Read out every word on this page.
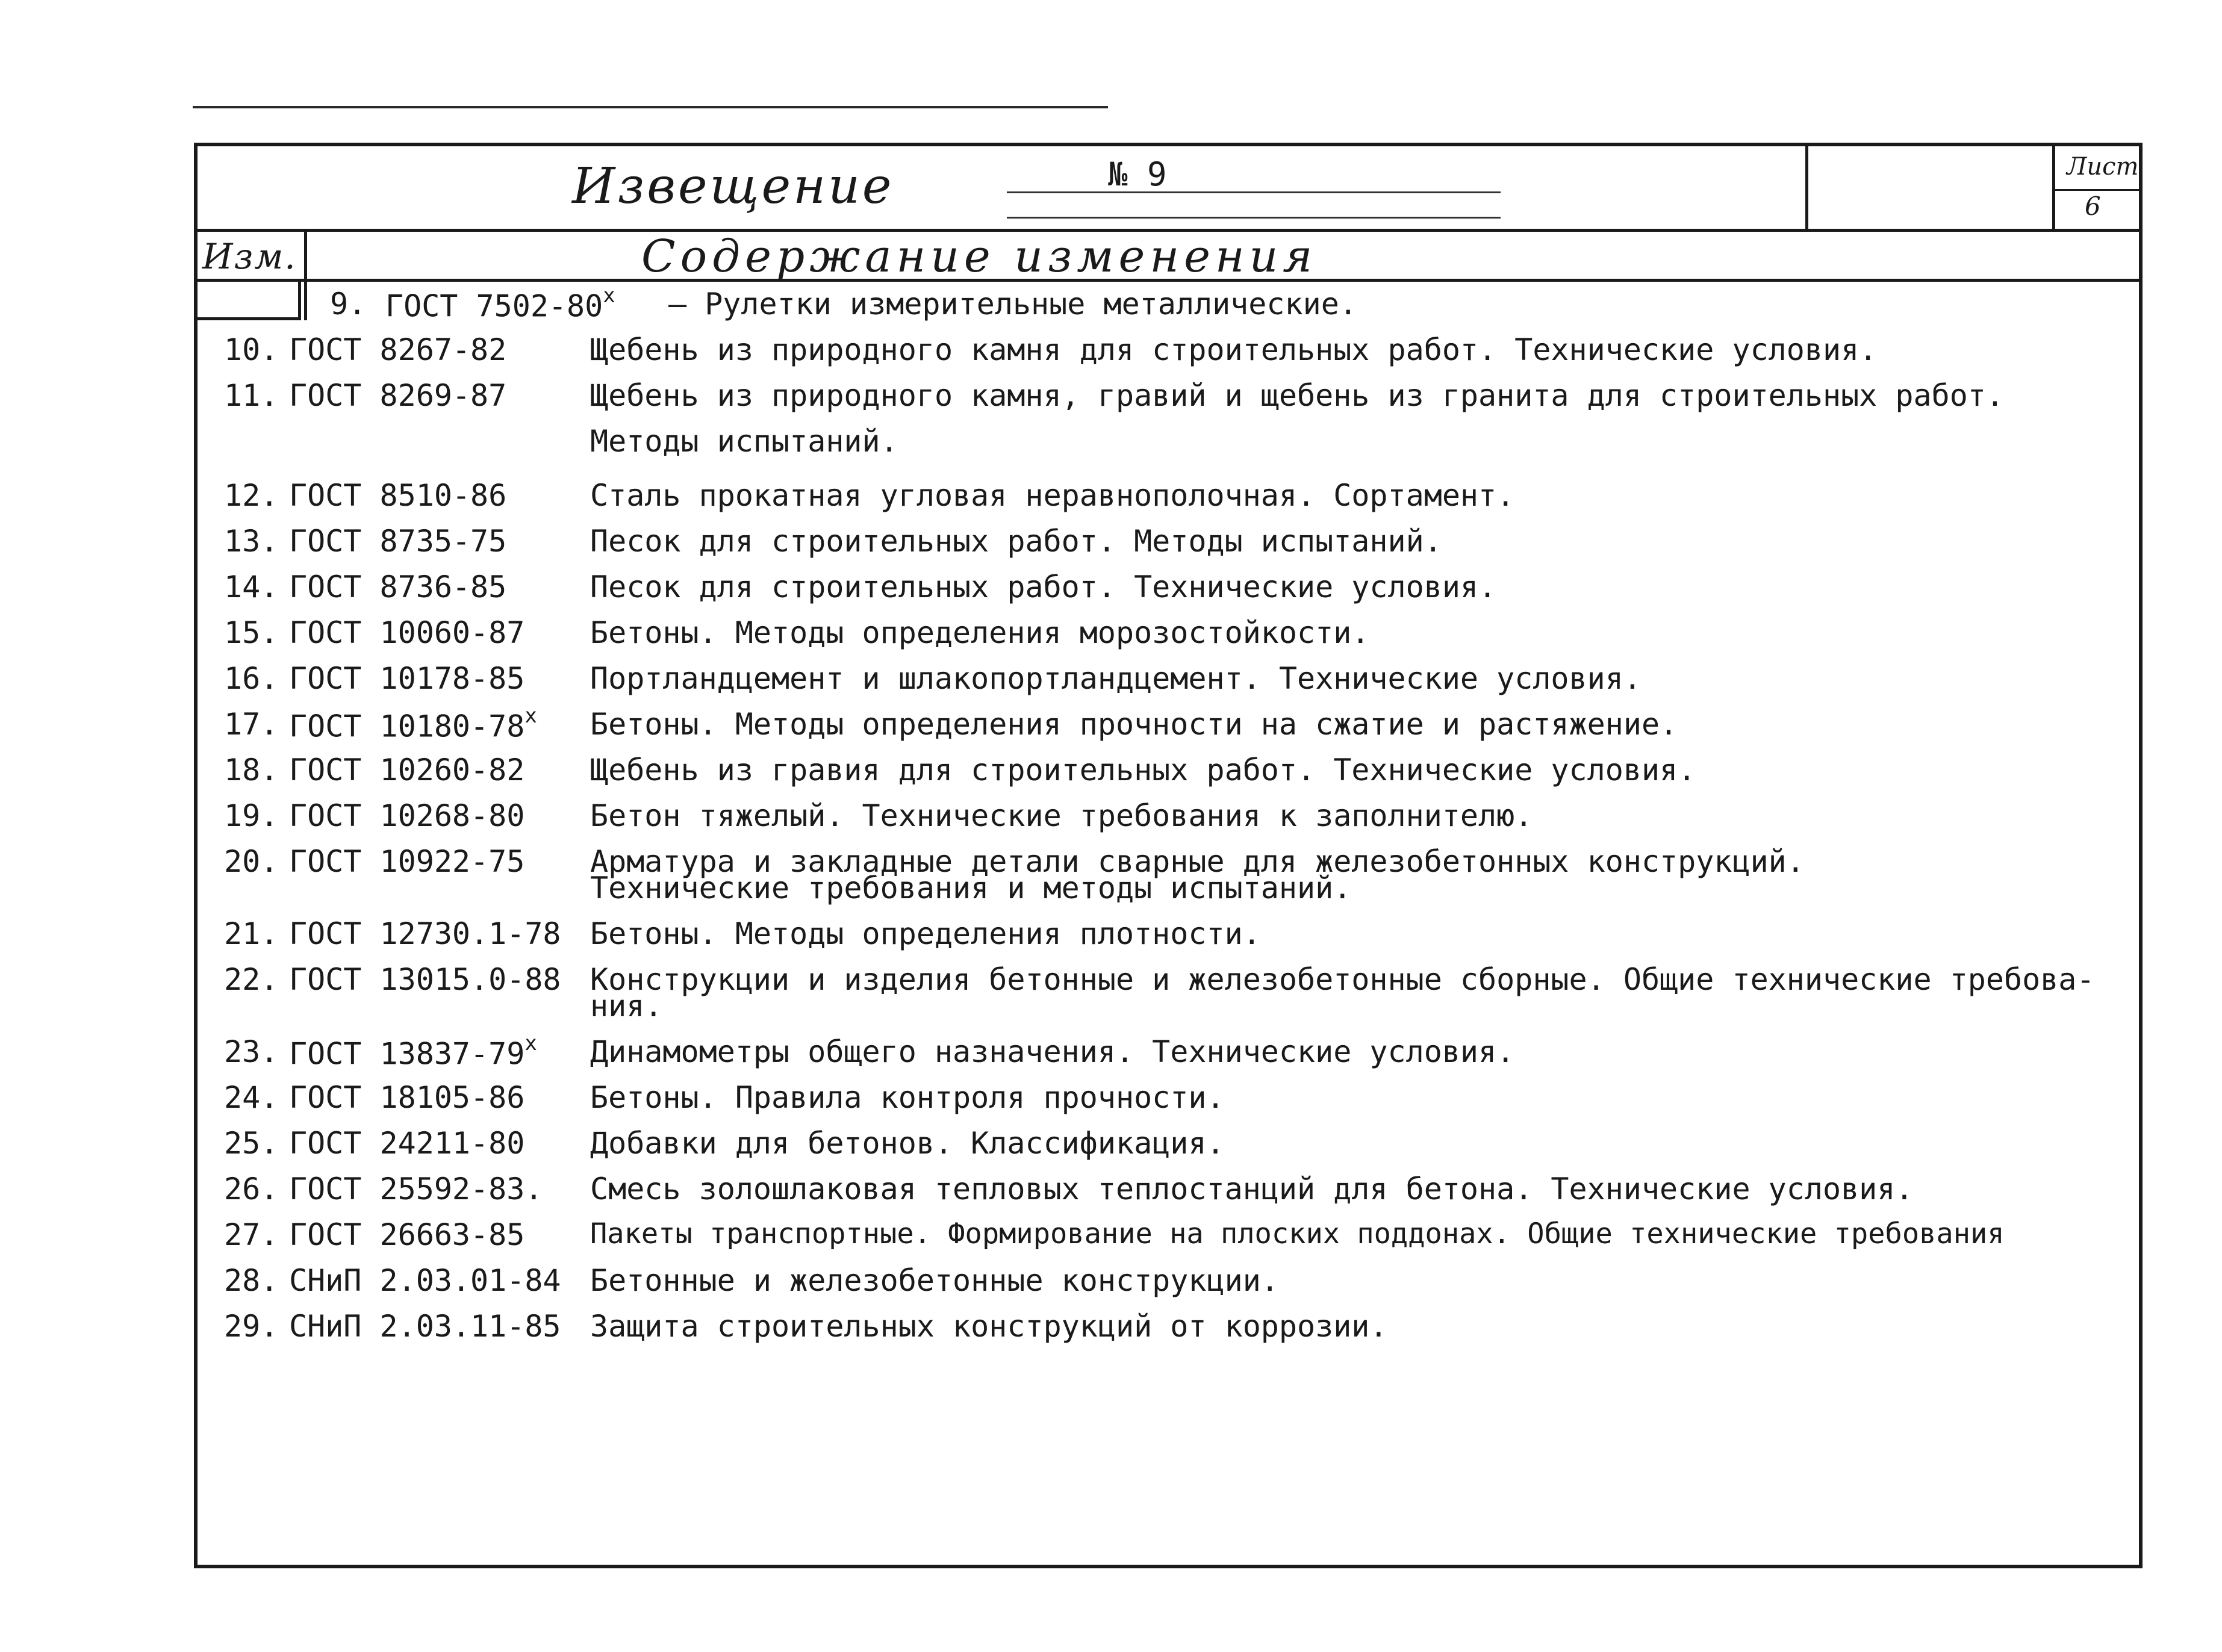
Извещение	№ 9	Лист
6
Изм.	Содержание изменения
9. ГОСТ 7502-80$^x$ – Рулетки измерительные металлические.
10. ГОСТ 8267-82	Щебень из природного камня для строительных работ. Технические условия.
11. ГОСТ 8269-87	Щебень из природного камня, гравий и щебень из гранита для строительных работ.
Методы испытаний.
12. ГОСТ 8510-86	Сталь прокатная угловая неравнополочная. Сортамент.
13. ГОСТ 8735-75	Песок для строительных работ. Методы испытаний.
14. ГОСТ 8736-85	Песок для строительных работ. Технические условия.
15. ГОСТ 10060-87 Бетоны. Методы определения морозостойкости.
16. ГОСТ 10178-85 Портландцемент и шлакопортландцемент. Технические условия.
17. ГОСТ 10180-78$^x$ Бетоны. Методы определения прочности на сжатие и растяжение.
18. ГОСТ 10260-82 Щебень из гравия для строительных работ. Технические условия.
19. ГОСТ 10268-80 Бетон тяжелый. Технические требования к заполнителю.
20. ГОСТ 10922-75 Арматура и закладные детали сварные для железобетонных конструкций.
Технические требования и методы испытаний.
21. ГОСТ 12730.1-78 Бетоны. Методы определения плотности.
22. ГОСТ 13015.0-88 Конструкции и изделия бетонные и железобетонные сборные. Общие технические требова-
ния.
23. ГОСТ 13837-79$^x$ Динамометры общего назначения. Технические условия.
24. ГОСТ 18105-86 Бетоны. Правила контроля прочности.
25. ГОСТ 24211-80 Добавки для бетонов. Классификация.
26. ГОСТ 25592-83. Смесь золошлаковая тепловых теплостанций для бетона. Технические условия.
27. ГОСТ 26663-85 Пакеты транспортные. Формирование на плоских поддонах. Общие технические требования
28. СНиП 2.03.01-84 Бетонные и железобетонные конструкции.
29. СНиП 2.03.11-85 Защита строительных конструкций от коррозии.
